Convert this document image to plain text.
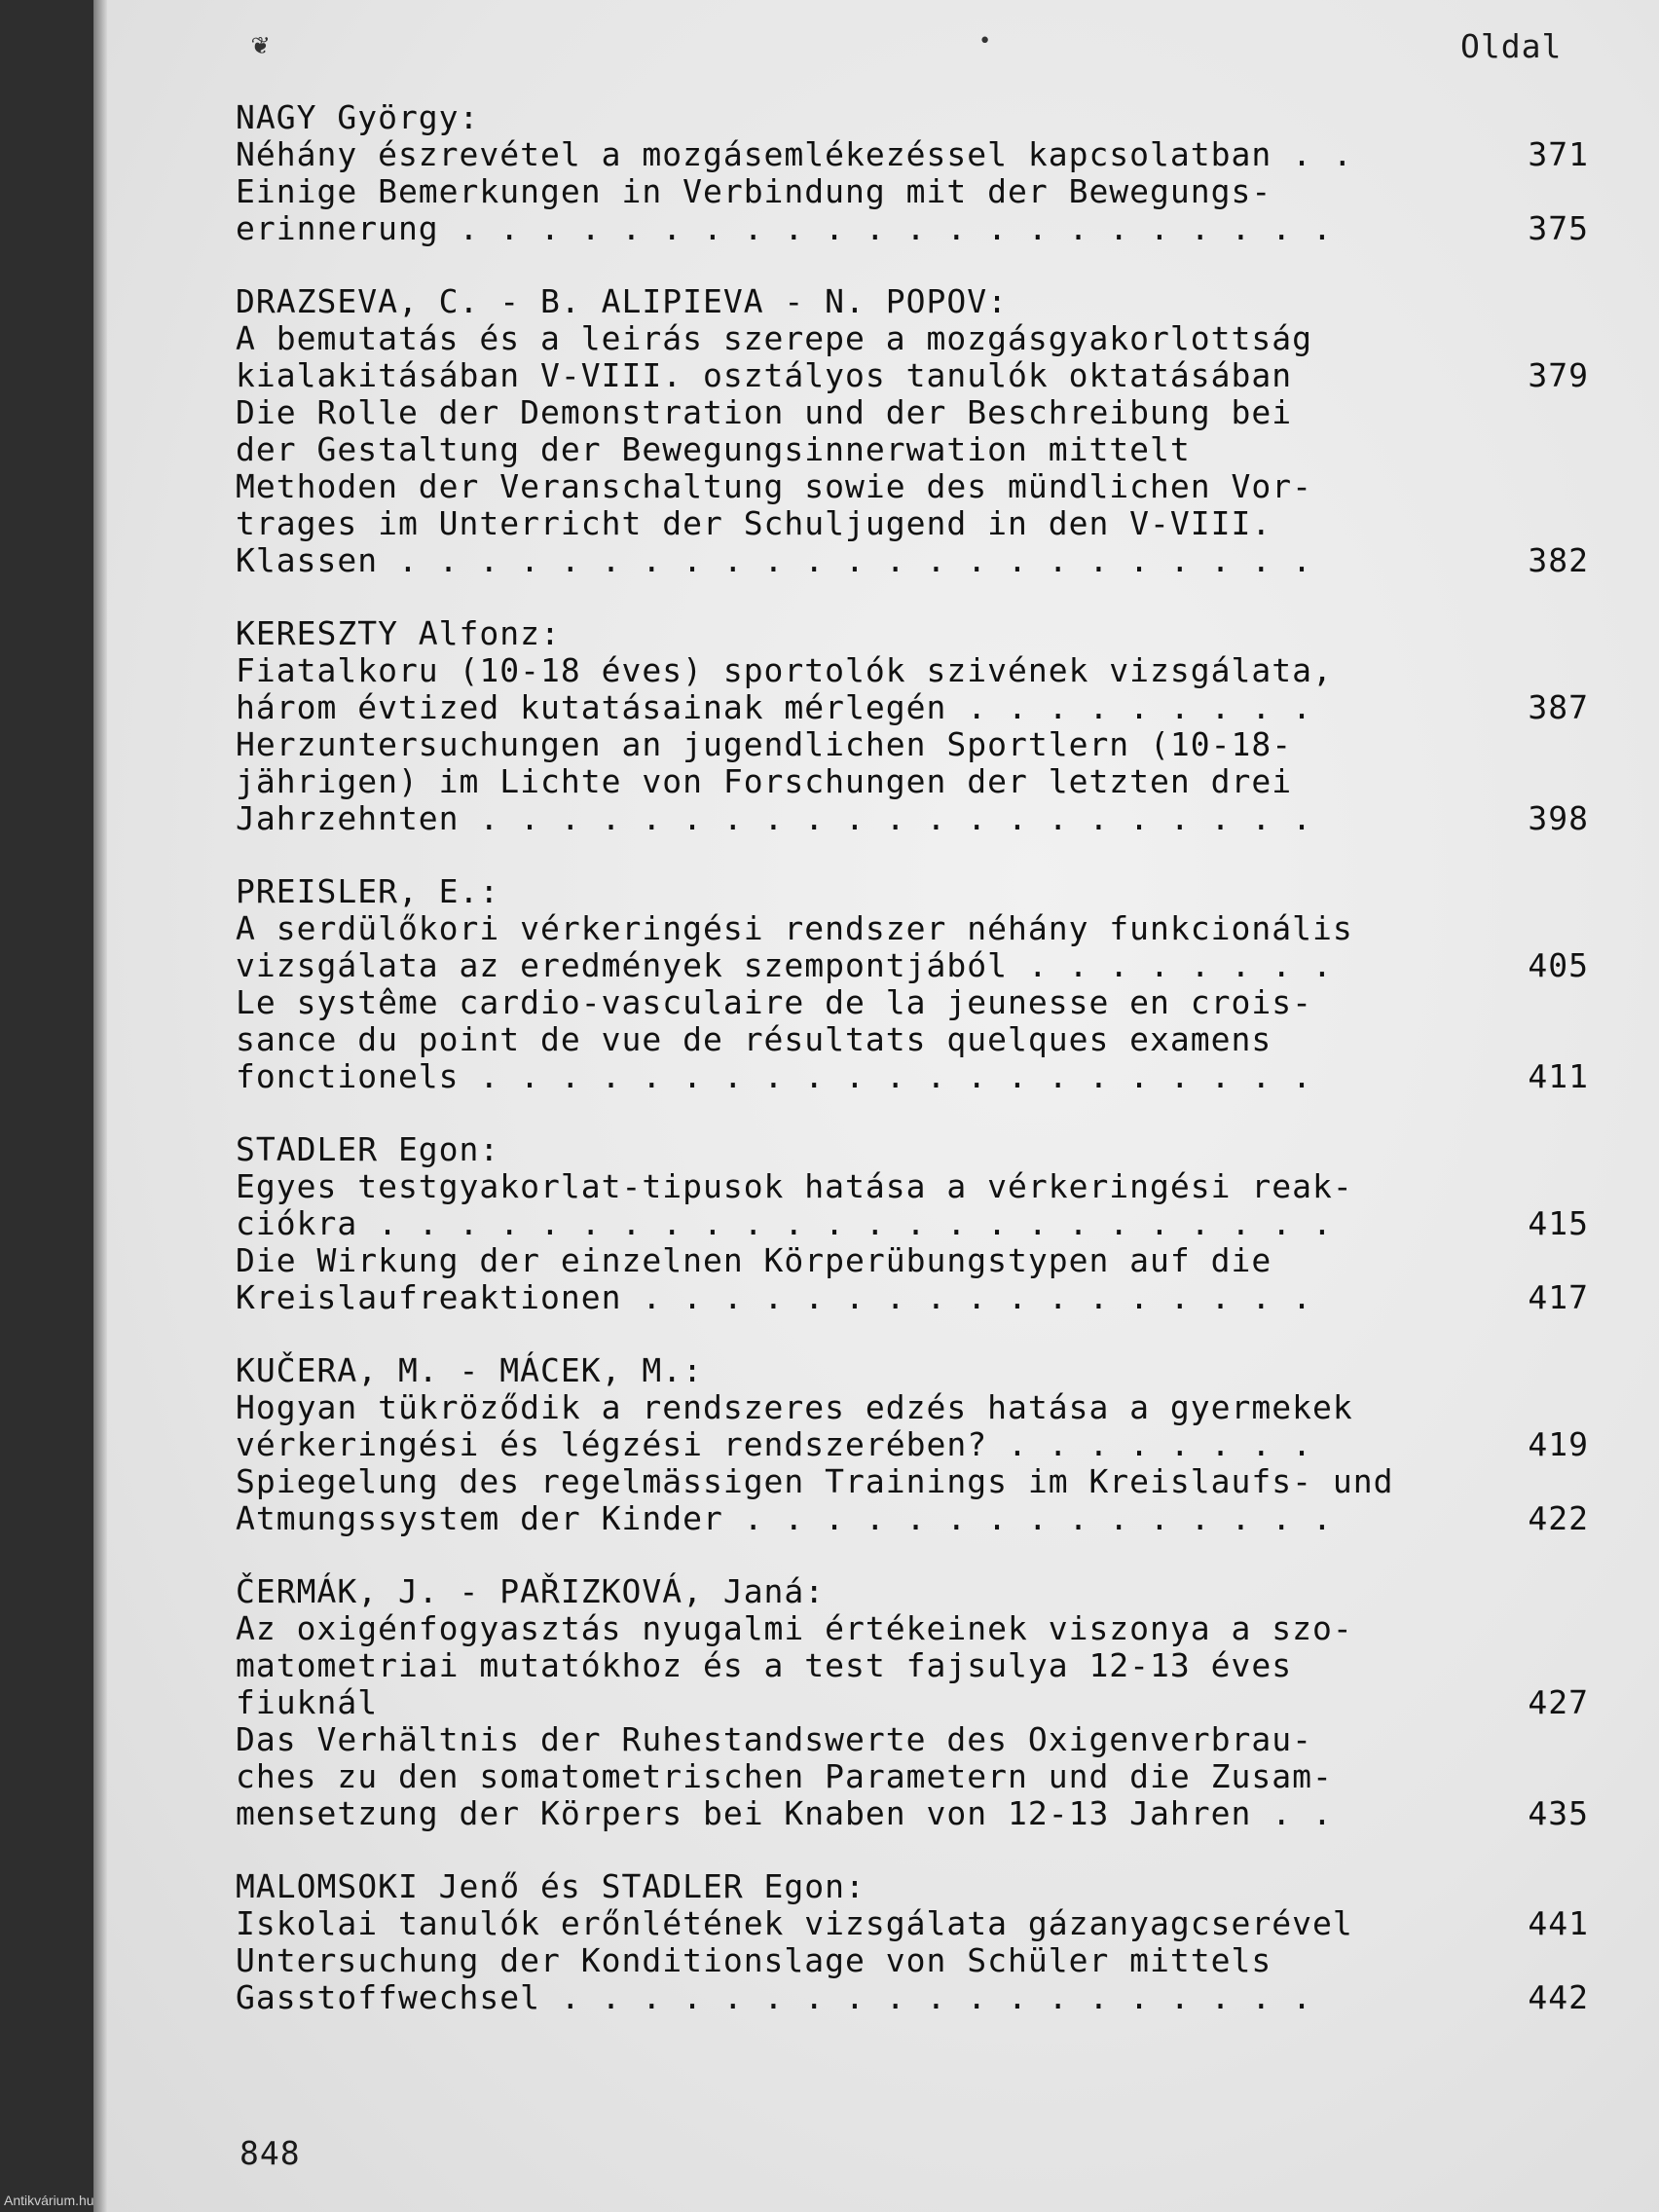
Oldal
❦	•
NAGY György:
Néhány észrevétel a mozgásemlékezéssel kapcsolatban . .	371
Einige Bemerkungen in Verbindung mit der Bewegungs-
erinnerung . . . . . . . . . . . . . . . . . . . . . .	375
DRAZSEVA, C. - B. ALIPIEVA - N. POPOV:
A bemutatás és a leirás szerepe a mozgásgyakorlottság
kialakitásában V-VIII. osztályos tanulók oktatásában	379
Die Rolle der Demonstration und der Beschreibung bei
der Gestaltung der Bewegungsinnerwation mittelt
Methoden der Veranschaltung sowie des mündlichen Vor-
trages im Unterricht der Schuljugend in den V-VIII.
Klassen . . . . . . . . . . . . . . . . . . . . . . .	382
KERESZTY Alfonz:
Fiatalkoru (10-18 éves) sportolók szivének vizsgálata,
három évtized kutatásainak mérlegén . . . . . . . . .	387
Herzuntersuchungen an jugendlichen Sportlern (10-18-
jährigen) im Lichte von Forschungen der letzten drei
Jahrzehnten . . . . . . . . . . . . . . . . . . . . .	398
PREISLER, E.:
A serdülőkori vérkeringési rendszer néhány funkcionális
vizsgálata az eredmények szempontjából . . . . . . . .	405
Le systême cardio-vasculaire de la jeunesse en crois-
sance du point de vue de résultats quelques examens
fonctionels . . . . . . . . . . . . . . . . . . . . .	411
STADLER Egon:
Egyes testgyakorlat-tipusok hatása a vérkeringési reak-
ciókra . . . . . . . . . . . . . . . . . . . . . . . .	415
Die Wirkung der einzelnen Körperübungstypen auf die
Kreislaufreaktionen . . . . . . . . . . . . . . . . .	417
KUČERA, M. - MÁCEK, M.:
Hogyan tükröződik a rendszeres edzés hatása a gyermekek
vérkeringési és légzési rendszerében? . . . . . . . .	419
Spiegelung des regelmässigen Trainings im Kreislaufs- und
Atmungssystem der Kinder . . . . . . . . . . . . . . .	422
ČERMÁK, J. - PAŘIZKOVÁ, Janá:
Az oxigénfogyasztás nyugalmi értékeinek viszonya a szo-
matometriai mutatókhoz és a test fajsulya 12-13 éves
fiuknál	427
Das Verhältnis der Ruhestandswerte des Oxigenverbrau-
ches zu den somatometrischen Parametern und die Zusam-
mensetzung der Körpers bei Knaben von 12-13 Jahren . .	435
MALOMSOKI Jenő és STADLER Egon:
Iskolai tanulók erőnlétének vizsgálata gázanyagcserével	441
Untersuchung der Konditionslage von Schüler mittels
Gasstoffwechsel . . . . . . . . . . . . . . . . . . .	442
848
Antikvárium.hu
